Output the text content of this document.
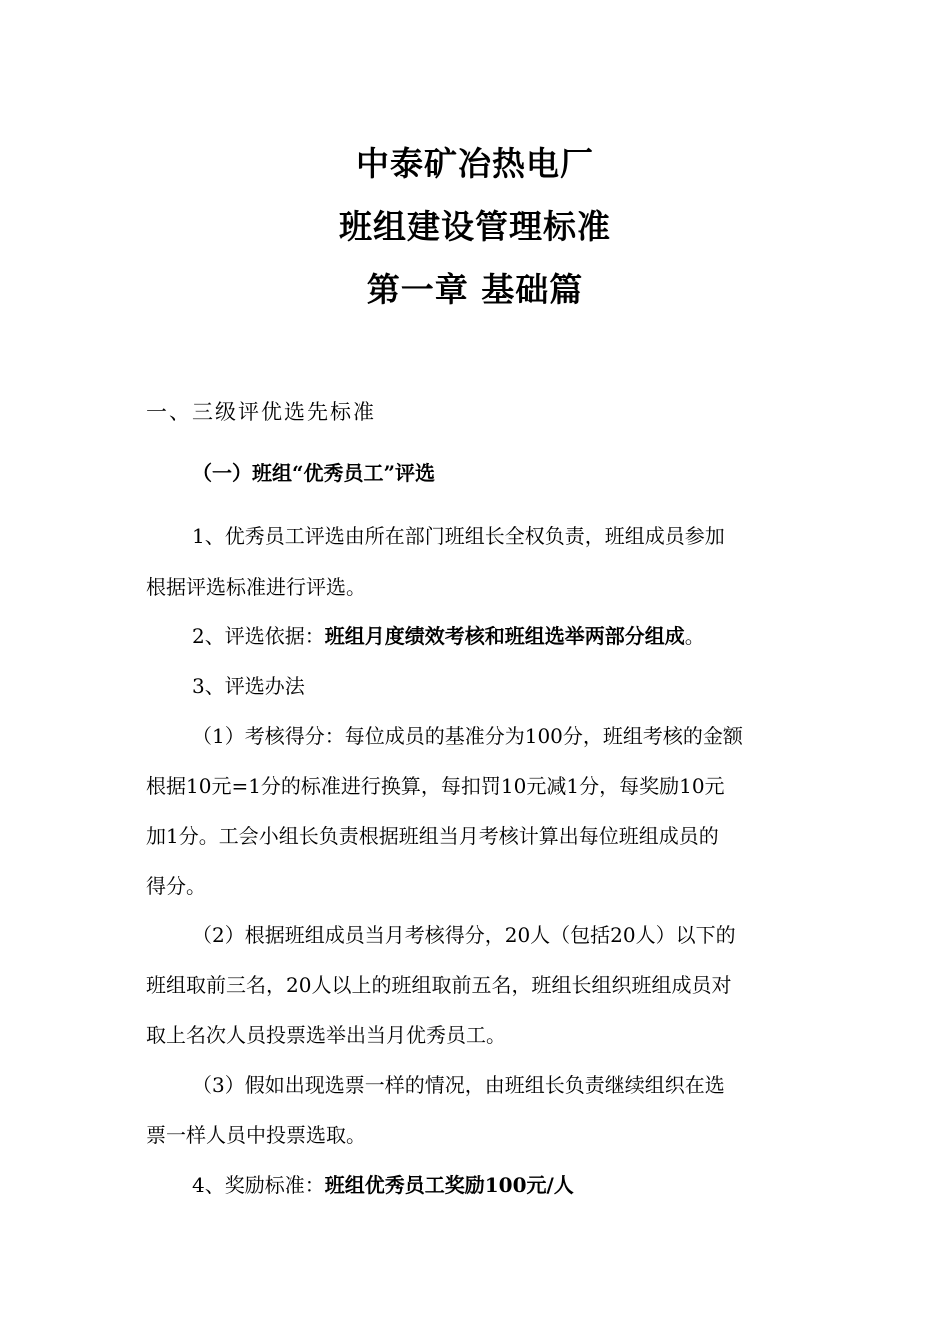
中泰矿冶热电厂
班组建设管理标准
第一章 基础篇
一、三级评优选先标准
（一）班组“优秀员工”评选
1、优秀员工评选由所在部门班组长全权负责，班组成员参加
根据评选标准进行评选。
2、评选依据：班组月度绩效考核和班组选举两部分组成。
3、评选办法
（1）考核得分：每位成员的基准分为100分，班组考核的金额
根据10元=1分的标准进行换算，每扣罚10元减1分，每奖励10元
加1分。工会小组长负责根据班组当月考核计算出每位班组成员的
得分。
（2）根据班组成员当月考核得分，20人（包括20人）以下的
班组取前三名，20人以上的班组取前五名，班组长组织班组成员对
取上名次人员投票选举出当月优秀员工。
（3）假如出现选票一样的情况，由班组长负责继续组织在选
票一样人员中投票选取。
4、奖励标准：班组优秀员工奖励100元/人
